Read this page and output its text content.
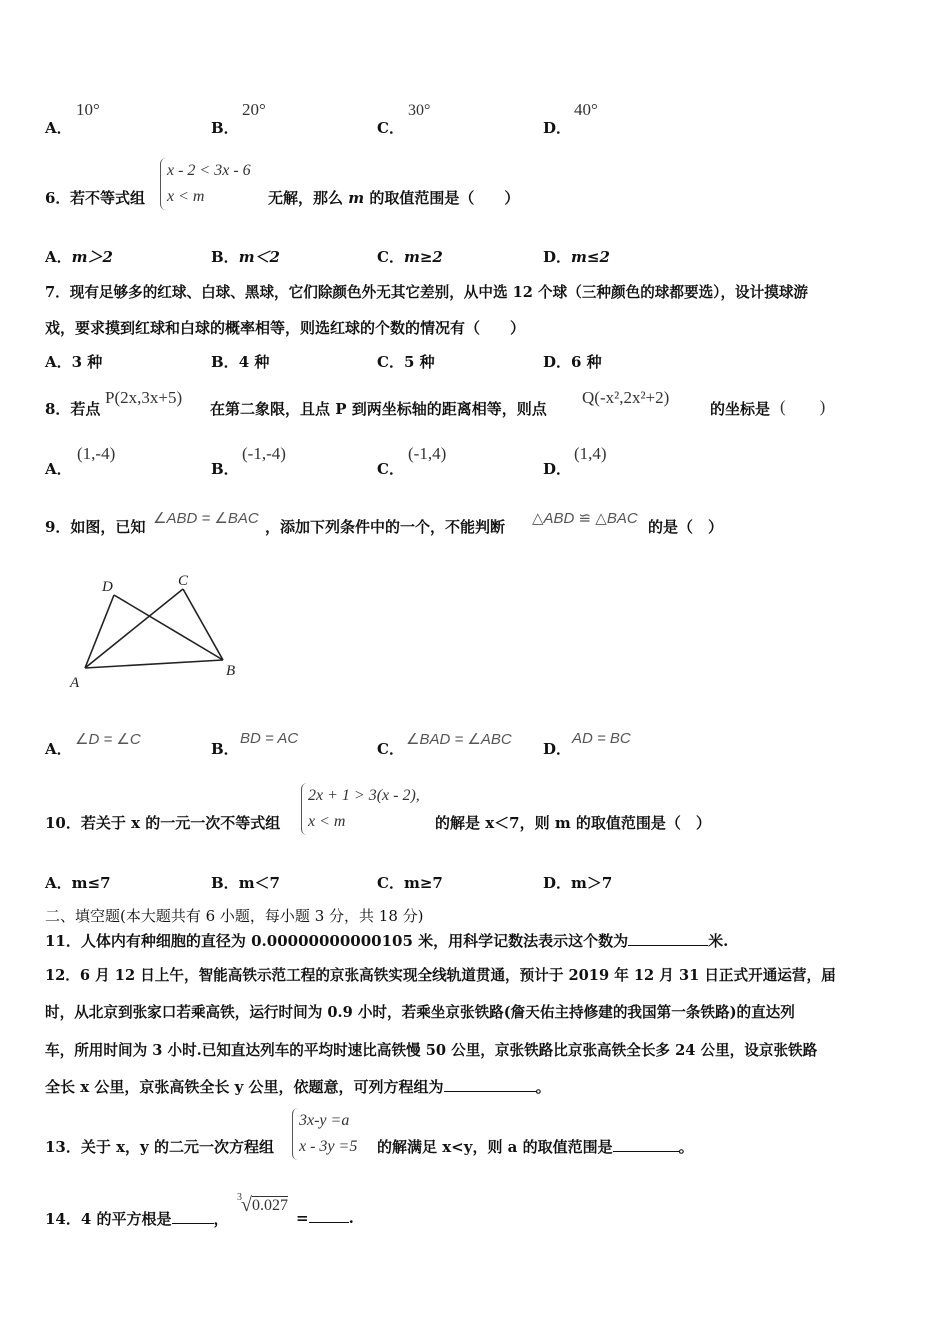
A．
10°
B．
20°
C．
30°
D．
40°
6． 若不等式组
x - 2 < 3x - 6
x < m	无解，那么 m 的取值范围是（　　）
A．m＞2	B．m＜2	C．m≥2	D．m≤2
7．现有足够多的红球、白球、黑球，它们除颜色外无其它差别，从中选 12 个球（三种颜色的球都要选），设计摸球游
戏，要求摸到红球和白球的概率相等，则选红球的个数的情况有（　　）
A．3 种	B．4 种	C．5 种	D．6 种
8．若点
P(2x,3x+5)
在第二象限，且点 P 到两坐标轴的距离相等，则点
Q(-x²,2x²+2)
的坐标是 (　　)
A．
(1,-4)
B．
(-1,-4)
C．
(-1,4)
D．
(1,4)
9．如图，已知 ∠ABD = ∠BAC ，添加下列条件中的一个，不能判断 △ABD ≌ △BAC 的是（　）
D	C
A
B
A．
∠D = ∠C
B．
BD = AC
C．
∠BAD = ∠ABC
D．
AD = BC
10．若关于 x 的一元一次不等式组
2x + 1 > 3(x - 2),
x < m	的解是 x＜7，则 m 的取值范围是（　）
A．m≤7	B．m＜7	C．m≥7	D．m＞7
二、填空题(本大题共有 6 小题，每小题 3 分，共 18 分)
11．人体内有种细胞的直径为 0.00000000000105 米，用科学记数法表示这个数为	米.
12．6 月 12 日上午，智能高铁示范工程的京张高铁实现全线轨道贯通，预计于 2019 年 12 月 31 日正式开通运营，届
时，从北京到张家口若乘高铁，运行时间为 0.9 小时，若乘坐京张铁路(詹天佑主持修建的我国第一条铁路)的直达列
车，所用时间为 3 小时.已知直达列车的平均时速比高铁慢 50 公里，京张铁路比京张高铁全长多 24 公里，设京张铁路
全长 x 公里，京张高铁全长 y 公里，依题意，可列方程组为	。
13．关于 x，y 的二元一次方程组
3x-y =a
x - 3y =5	的解满足 x<y，则 a 的取值范围是	。
14．4 的平方根是	，
3 √ 0.027
=	.
